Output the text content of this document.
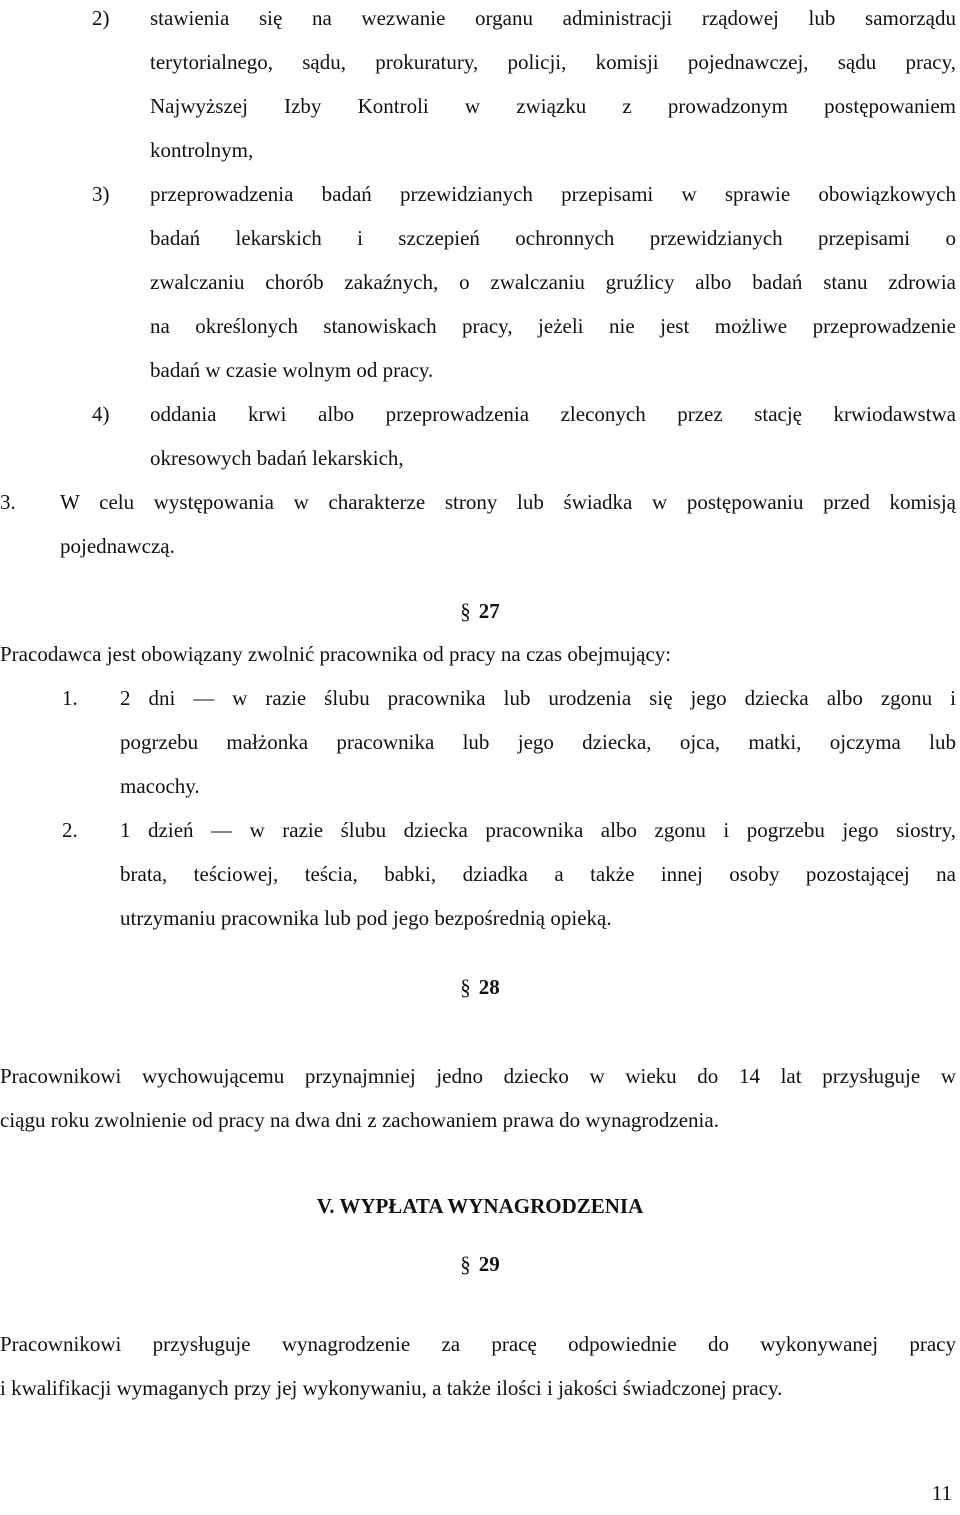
2) stawienia się na wezwanie organu administracji rządowej lub samorządu
terytorialnego, sądu, prokuratury, policji, komisji pojednawczej, sądu pracy,
Najwyższej Izby Kontroli w związku z prowadzonym postępowaniem
kontrolnym,
3) przeprowadzenia badań przewidzianych przepisami w sprawie obowiązkowych
badań lekarskich i szczepień ochronnych przewidzianych przepisami o
zwalczaniu chorób zakaźnych, o zwalczaniu gruźlicy albo badań stanu zdrowia
na określonych stanowiskach pracy, jeżeli nie jest możliwe przeprowadzenie
badań w czasie wolnym od pracy.
4) oddania krwi albo przeprowadzenia zleconych przez stację krwiodawstwa
okresowych badań lekarskich,
3. W celu występowania w charakterze strony lub świadka w postępowaniu przed komisją
pojednawczą.
§ 27
Pracodawca jest obowiązany zwolnić pracownika od pracy na czas obejmujący:
1. 2 dni — w razie ślubu pracownika lub urodzenia się jego dziecka albo zgonu i
pogrzebu małżonka pracownika lub jego dziecka, ojca, matki, ojczyma lub
macochy.
2. 1 dzień — w razie ślubu dziecka pracownika albo zgonu i pogrzebu jego siostry,
brata, teściowej, teścia, babki, dziadka a także innej osoby pozostającej na
utrzymaniu pracownika lub pod jego bezpośrednią opieką.
§ 28
Pracownikowi wychowującemu przynajmniej jedno dziecko w wieku do 14 lat przysługuje w
ciągu roku zwolnienie od pracy na dwa dni z zachowaniem prawa do wynagrodzenia.
V. WYPŁATA WYNAGRODZENIA
§ 29
Pracownikowi przysługuje wynagrodzenie za pracę odpowiednie do wykonywanej pracy
i kwalifikacji wymaganych przy jej wykonywaniu, a także ilości i jakości świadczonej pracy.
11
